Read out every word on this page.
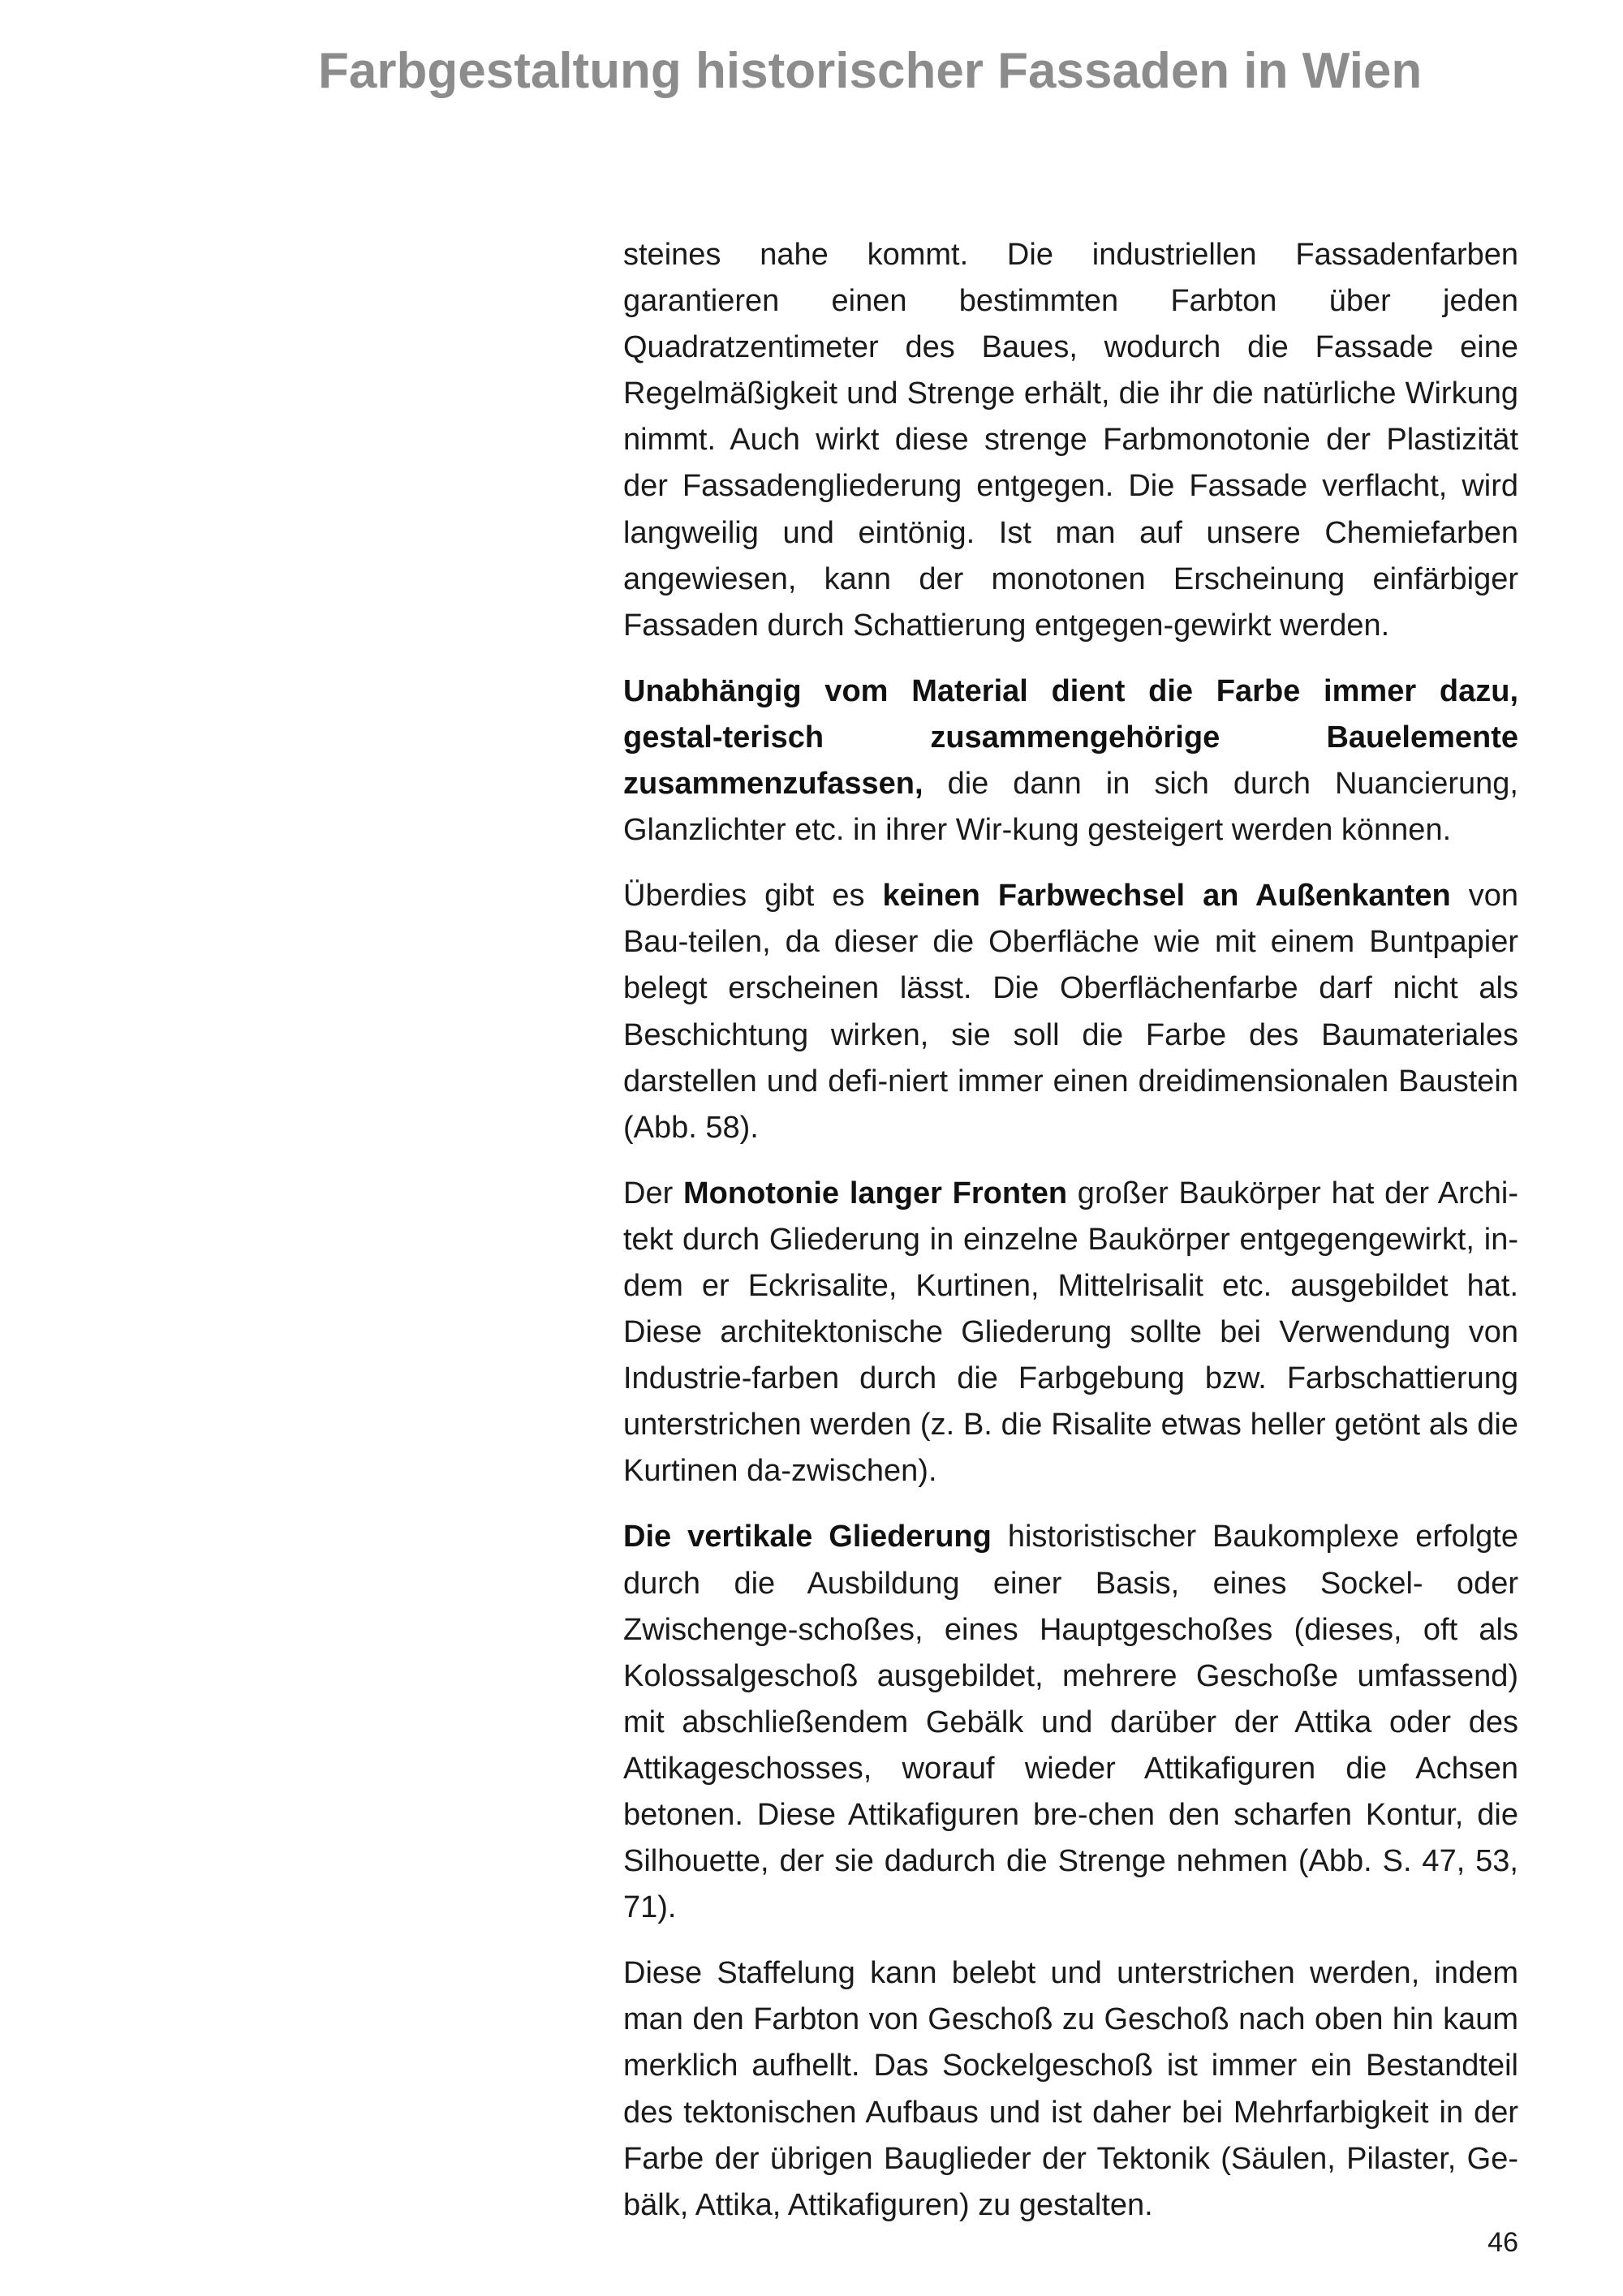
Farbgestaltung historischer Fassaden in Wien

steines nahe kommt. Die industriellen Fassadenfarben garantieren einen bestimmten Farbton über jeden Quadratzentimeter des Baues, wodurch die Fassade eine Regelmäßigkeit und Strenge erhält, die ihr die natürliche Wirkung nimmt. Auch wirkt diese strenge Farbmonotonie der Plastizität der Fassadengliederung entgegen. Die Fassade verflacht, wird langweilig und eintönig. Ist man auf unsere Chemiefarben angewiesen, kann der monotonen Erscheinung einfärbiger Fassaden durch Schattierung entgegen-gewirkt werden.

Unabhängig vom Material dient die Farbe immer dazu, gestal-terisch zusammengehörige Bauelemente zusammenzufassen, die dann in sich durch Nuancierung, Glanzlichter etc. in ihrer Wir-kung gesteigert werden können.

Überdies gibt es keinen Farbwechsel an Außenkanten von Bau-teilen, da dieser die Oberfläche wie mit einem Buntpapier belegt erscheinen lässt. Die Oberflächenfarbe darf nicht als Beschichtung wirken, sie soll die Farbe des Baumateriales darstellen und defi-niert immer einen dreidimensionalen Baustein (Abb. 58).

Der Monotonie langer Fronten großer Baukörper hat der Archi-tekt durch Gliederung in einzelne Baukörper entgegengewirkt, in-dem er Eckrisalite, Kurtinen, Mittelrisalit etc. ausgebildet hat. Diese architektonische Gliederung sollte bei Verwendung von Industrie-farben durch die Farbgebung bzw. Farbschattierung unterstrichen werden (z. B. die Risalite etwas heller getönt als die Kurtinen da-zwischen).

Die vertikale Gliederung historistischer Baukomplexe erfolgte durch die Ausbildung einer Basis, eines Sockel- oder Zwischenge-schoßes, eines Hauptgeschoßes (dieses, oft als Kolossalgeschoß ausgebildet, mehrere Geschoße umfassend) mit abschließendem Gebälk und darüber der Attika oder des Attikageschosses, worauf wieder Attikafiguren die Achsen betonen. Diese Attikafiguren bre-chen den scharfen Kontur, die Silhouette, der sie dadurch die Strenge nehmen (Abb. S. 47, 53, 71).

Diese Staffelung kann belebt und unterstrichen werden, indem man den Farbton von Geschoß zu Geschoß nach oben hin kaum merklich aufhellt. Das Sockelgeschoß ist immer ein Bestandteil des tektonischen Aufbaus und ist daher bei Mehrfarbigkeit in der Farbe der übrigen Bauglieder der Tektonik (Säulen, Pilaster, Ge-bälk, Attika, Attikafiguren) zu gestalten.

46
